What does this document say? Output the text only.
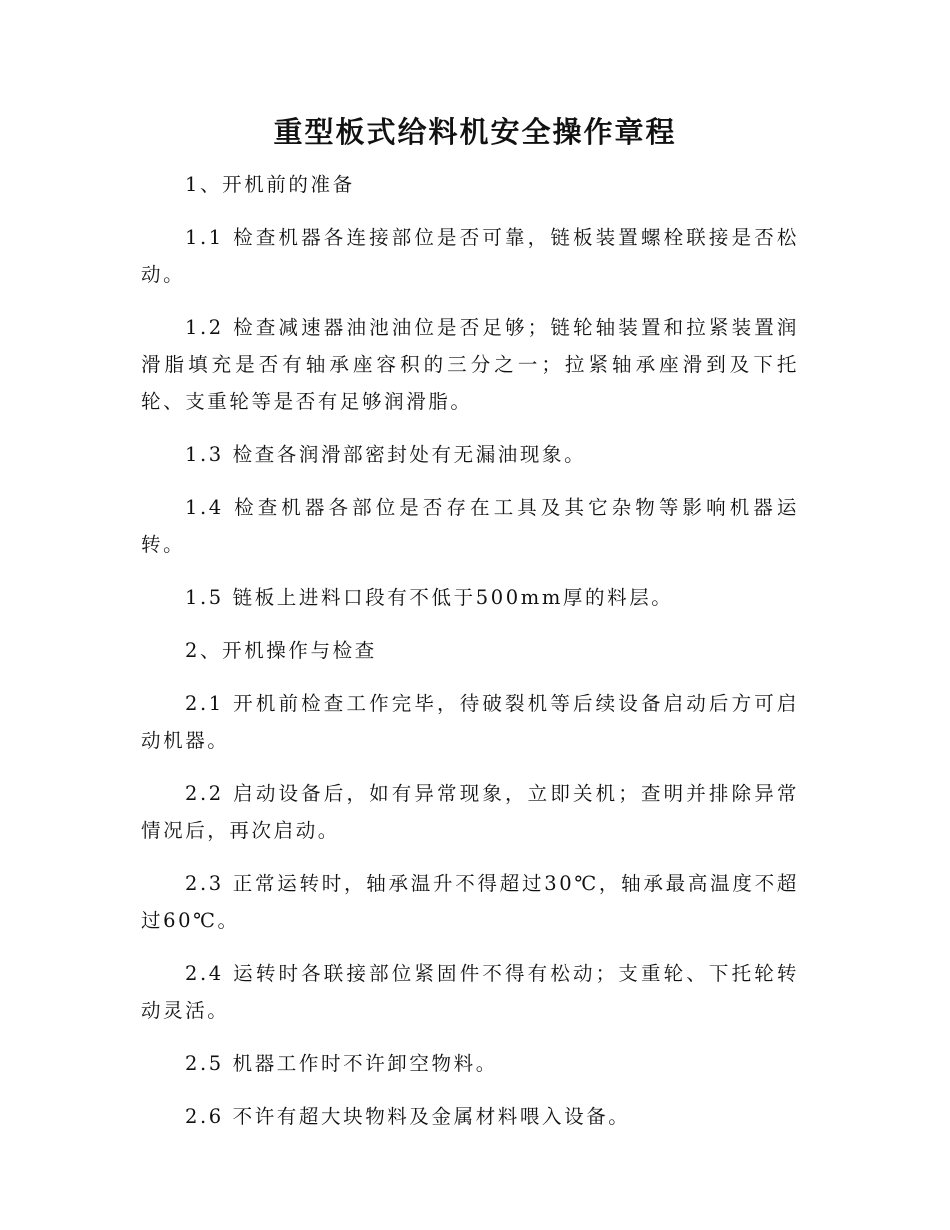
重型板式给料机安全操作章程

1、开机前的准备

1.1 检查机器各连接部位是否可靠，链板装置螺栓联接是否松动。

1.2 检查减速器油池油位是否足够；链轮轴装置和拉紧装置润滑脂填充是否有轴承座容积的三分之一；拉紧轴承座滑到及下托轮、支重轮等是否有足够润滑脂。

1.3 检查各润滑部密封处有无漏油现象。

1.4 检查机器各部位是否存在工具及其它杂物等影响机器运转。

1.5 链板上进料口段有不低于500mm厚的料层。

2、开机操作与检查

2.1 开机前检查工作完毕，待破裂机等后续设备启动后方可启动机器。

2.2 启动设备后，如有异常现象，立即关机；查明并排除异常情况后，再次启动。

2.3 正常运转时，轴承温升不得超过30℃，轴承最高温度不超过60℃。

2.4 运转时各联接部位紧固件不得有松动；支重轮、下托轮转动灵活。

2.5 机器工作时不许卸空物料。

2.6 不许有超大块物料及金属材料喂入设备。
